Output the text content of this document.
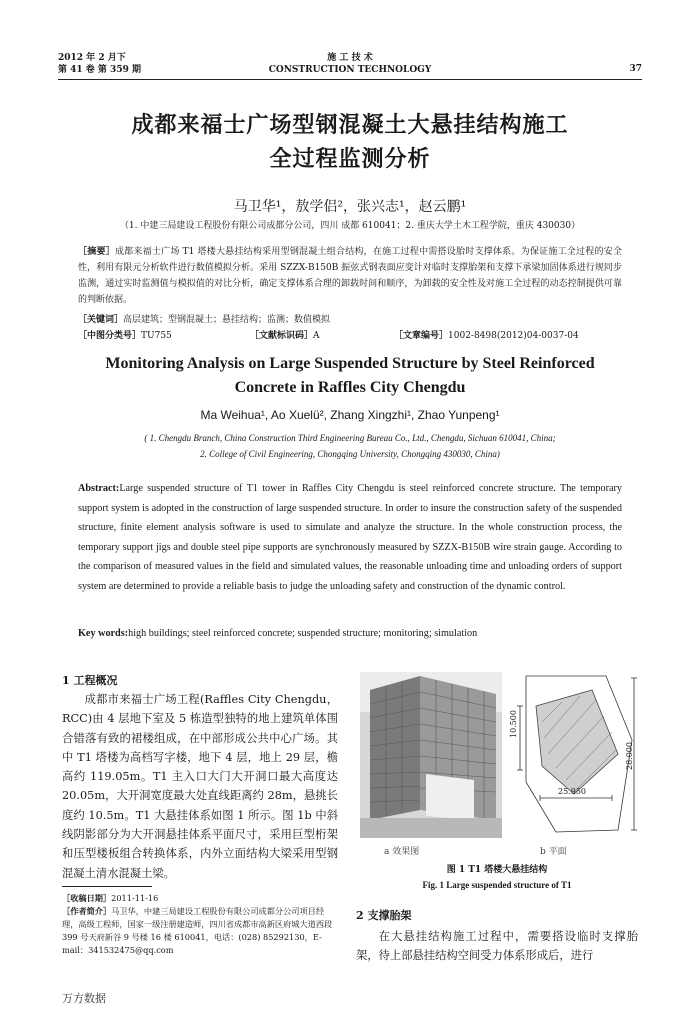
2012 年 2 月下
第 41 卷 第 359 期
施 工 技 术
CONSTRUCTION TECHNOLOGY	37
成都来福士广场型钢混凝土大悬挂结构施工
全过程监测分析
马卫华¹，敖学侣²，张兴志¹，赵云鹏¹
（1. 中建三局建设工程股份有限公司成都分公司，四川 成都 610041；2. 重庆大学土木工程学院，重庆 430030）
［摘要］成都来福士广场 T1 塔楼大悬挂结构采用型钢混凝土组合结构，在施工过程中需搭设胎时支撑体系。为保证施工全过程的安全性，利用有限元分析软件进行数值模拟分析。采用 SZZX-B150B 振弦式钢表面应变计对临时支撑胎架和支撑下承梁加固体系进行规同步监测，通过实时监测值与模拟值的对比分析，确定支撑体系合理的卸载时间和顺序，为卸载的安全性及对施工全过程的动态控制提供可靠的判断依据。
［关键词］高层建筑；型钢混凝土；悬挂结构；监测；数值模拟
［中图分类号］ TU755	［文献标识码］ A	［文章编号］ 1002-8498(2012)04-0037-04
Monitoring Analysis on Large Suspended Structure by Steel Reinforced
Concrete in Raffles City Chengdu
Ma Weihua¹, Ao Xuelü², Zhang Xingzhi¹, Zhao Yunpeng¹
( 1. Chengdu Branch, China Construction Third Engineering Bureau Co., Ltd., Chengdu, Sichuan 610041, China;
2. College of Civil Engineering, Chongqing University, Chongqing 430030, China)
Abstract:Large suspended structure of T1 tower in Raffles City Chengdu is steel reinforced concrete structure. The temporary support system is adopted in the construction of large suspended structure. In order to insure the construction safety of the suspended structure, finite element analysis software is used to simulate and analyze the structure. In the whole construction process, the temporary support jigs and double steel pipe supports are synchronously measured by SZZX-B150B wire strain gauge. According to the comparison of measured values in the field and simulated values, the reasonable unloading time and unloading orders of support system are determined to provide a reliable basis to judge the unloading safety and construction of the dynamic control.
Key words:high buildings; steel reinforced concrete; suspended structure; monitoring; simulation
1 工程概况
成都市来福士广场工程(Raffles City Chengdu，RCC)由 4 层地下室及 5 栋造型独特的地上建筑单体围合错落有致的裙楼组成，在中部形成公共中心广场。其中 T1 塔楼为高档写字楼，地下 4 层，地上 29 层，檐高约 119.05m。T1 主入口大门大开洞口最大高度达 20.05m，大开洞宽度最大处直线距离约 28m，悬挑长度约 10.5m。T1 大悬挂体系如图 1 所示。图 1b 中斜线阴影部分为大开洞悬挂体系平面尺寸，采用巨型桁架和压型楼板组合转换体系，内外立面结构大梁采用型钢混凝土清水混凝土梁。
［收稿日期］2011-11-16
［作者简介］马卫华，中建三局建设工程股份有限公司成都分公司项目经理，高级工程师，国家一级注册建造师，四川省成都市高新区府城大道西段 399 号天府新谷 9 号楼 16 楼 610041，电话：(028) 85292130，E-mail：341532475@qq.com
10.500
25.950
28.000
a 效果图	b 平面
图 1 T1 塔楼大悬挂结构
Fig. 1 Large suspended structure of T1
2 支撑胎架
在大悬挂结构施工过程中，需要搭设临时支撑胎架，待上部悬挂结构空间受力体系形成后，进行
万方数据
